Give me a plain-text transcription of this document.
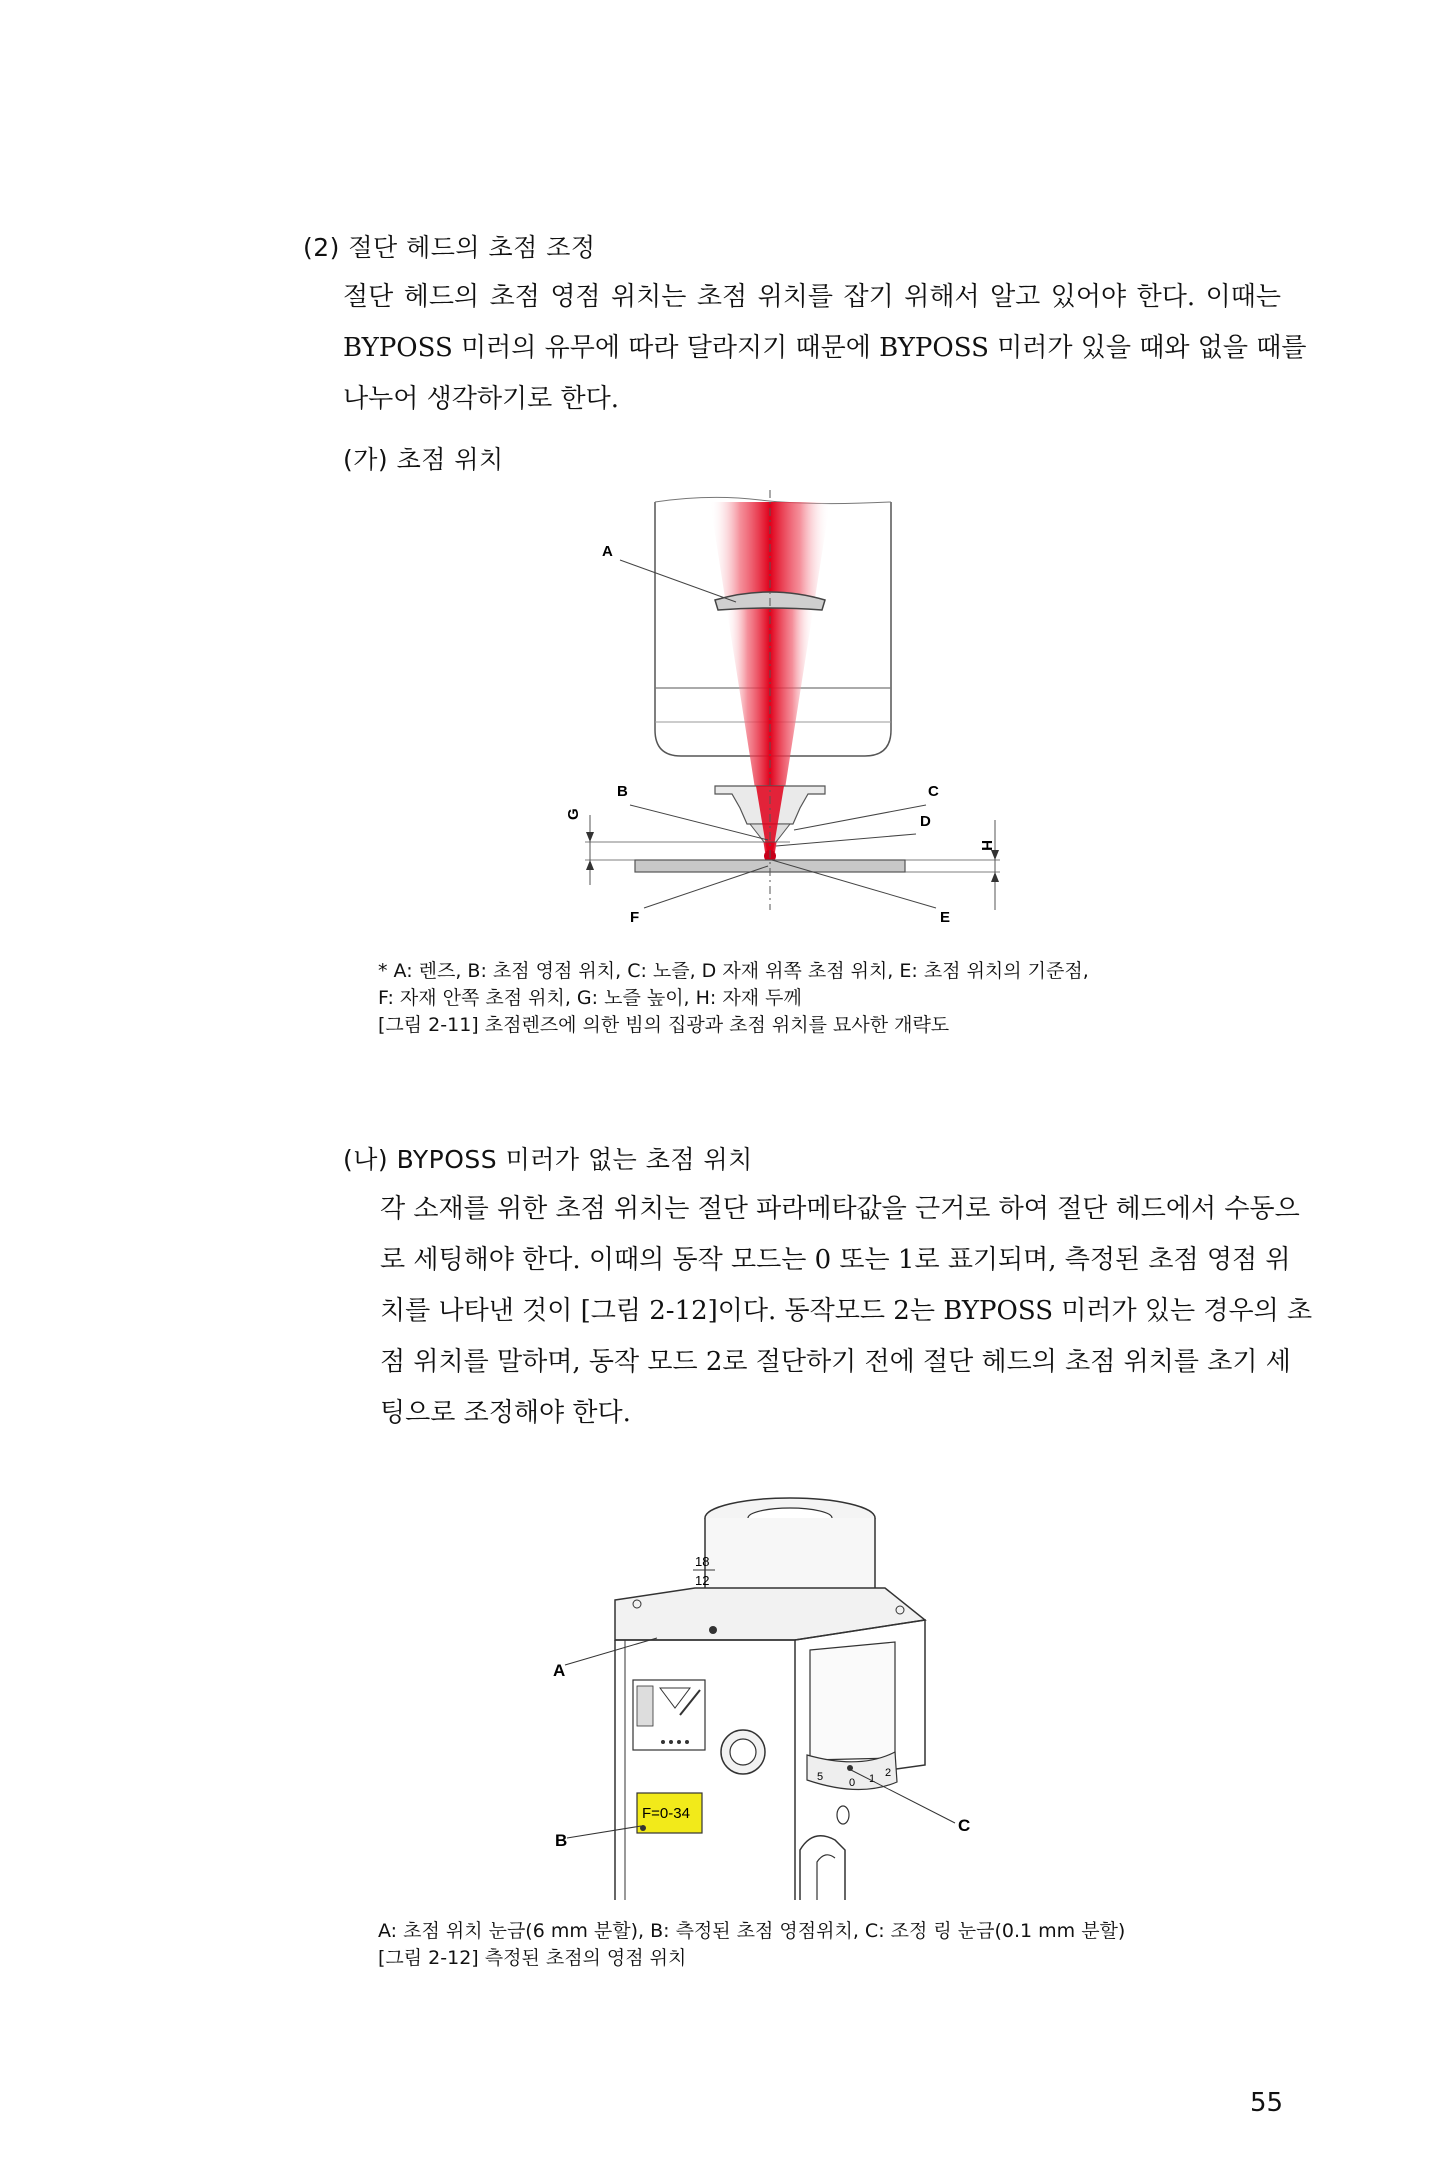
(2) 절단 헤드의 초점 조정
절단 헤드의 초점 영점 위치는 초점 위치를 잡기 위해서 알고 있어야 한다. 이때는
BYPOSS 미러의 유무에 따라 달라지기 때문에 BYPOSS 미러가 있을 때와 없을 때를
나누어 생각하기로 한다.
(가) 초점 위치
A
B	C
D
E
F
G
H
* A: 렌즈, B: 초점 영점 위치, C: 노즐, D 자재 위쪽 초점 위치, E: 초점 위치의 기준점,
F: 자재 안쪽 초점 위치, G: 노즐 높이, H: 자재 두께
[그림 2-11] 초점렌즈에 의한 빔의 집광과 초점 위치를 묘사한 개략도
(나) BYPOSS 미러가 없는 초점 위치
각 소재를 위한 초점 위치는 절단 파라메타값을 근거로 하여 절단 헤드에서 수동으
로 세팅해야 한다. 이때의 동작 모드는 0 또는 1로 표기되며, 측정된 초점 영점 위
치를 나타낸 것이 [그림 2-12]이다. 동작모드 2는 BYPOSS 미러가 있는 경우의 초
점 위치를 말하며, 동작 모드 2로 절단하기 전에 절단 헤드의 초점 위치를 초기 세
팅으로 조정해야 한다.
18
12
5 0 1 2
F=0-34
A
B
C
A: 초점 위치 눈금(6 mm 분할), B: 측정된 초점 영점위치, C: 조정 링 눈금(0.1 mm 분할)
[그림 2-12] 측정된 초점의 영점 위치
55
